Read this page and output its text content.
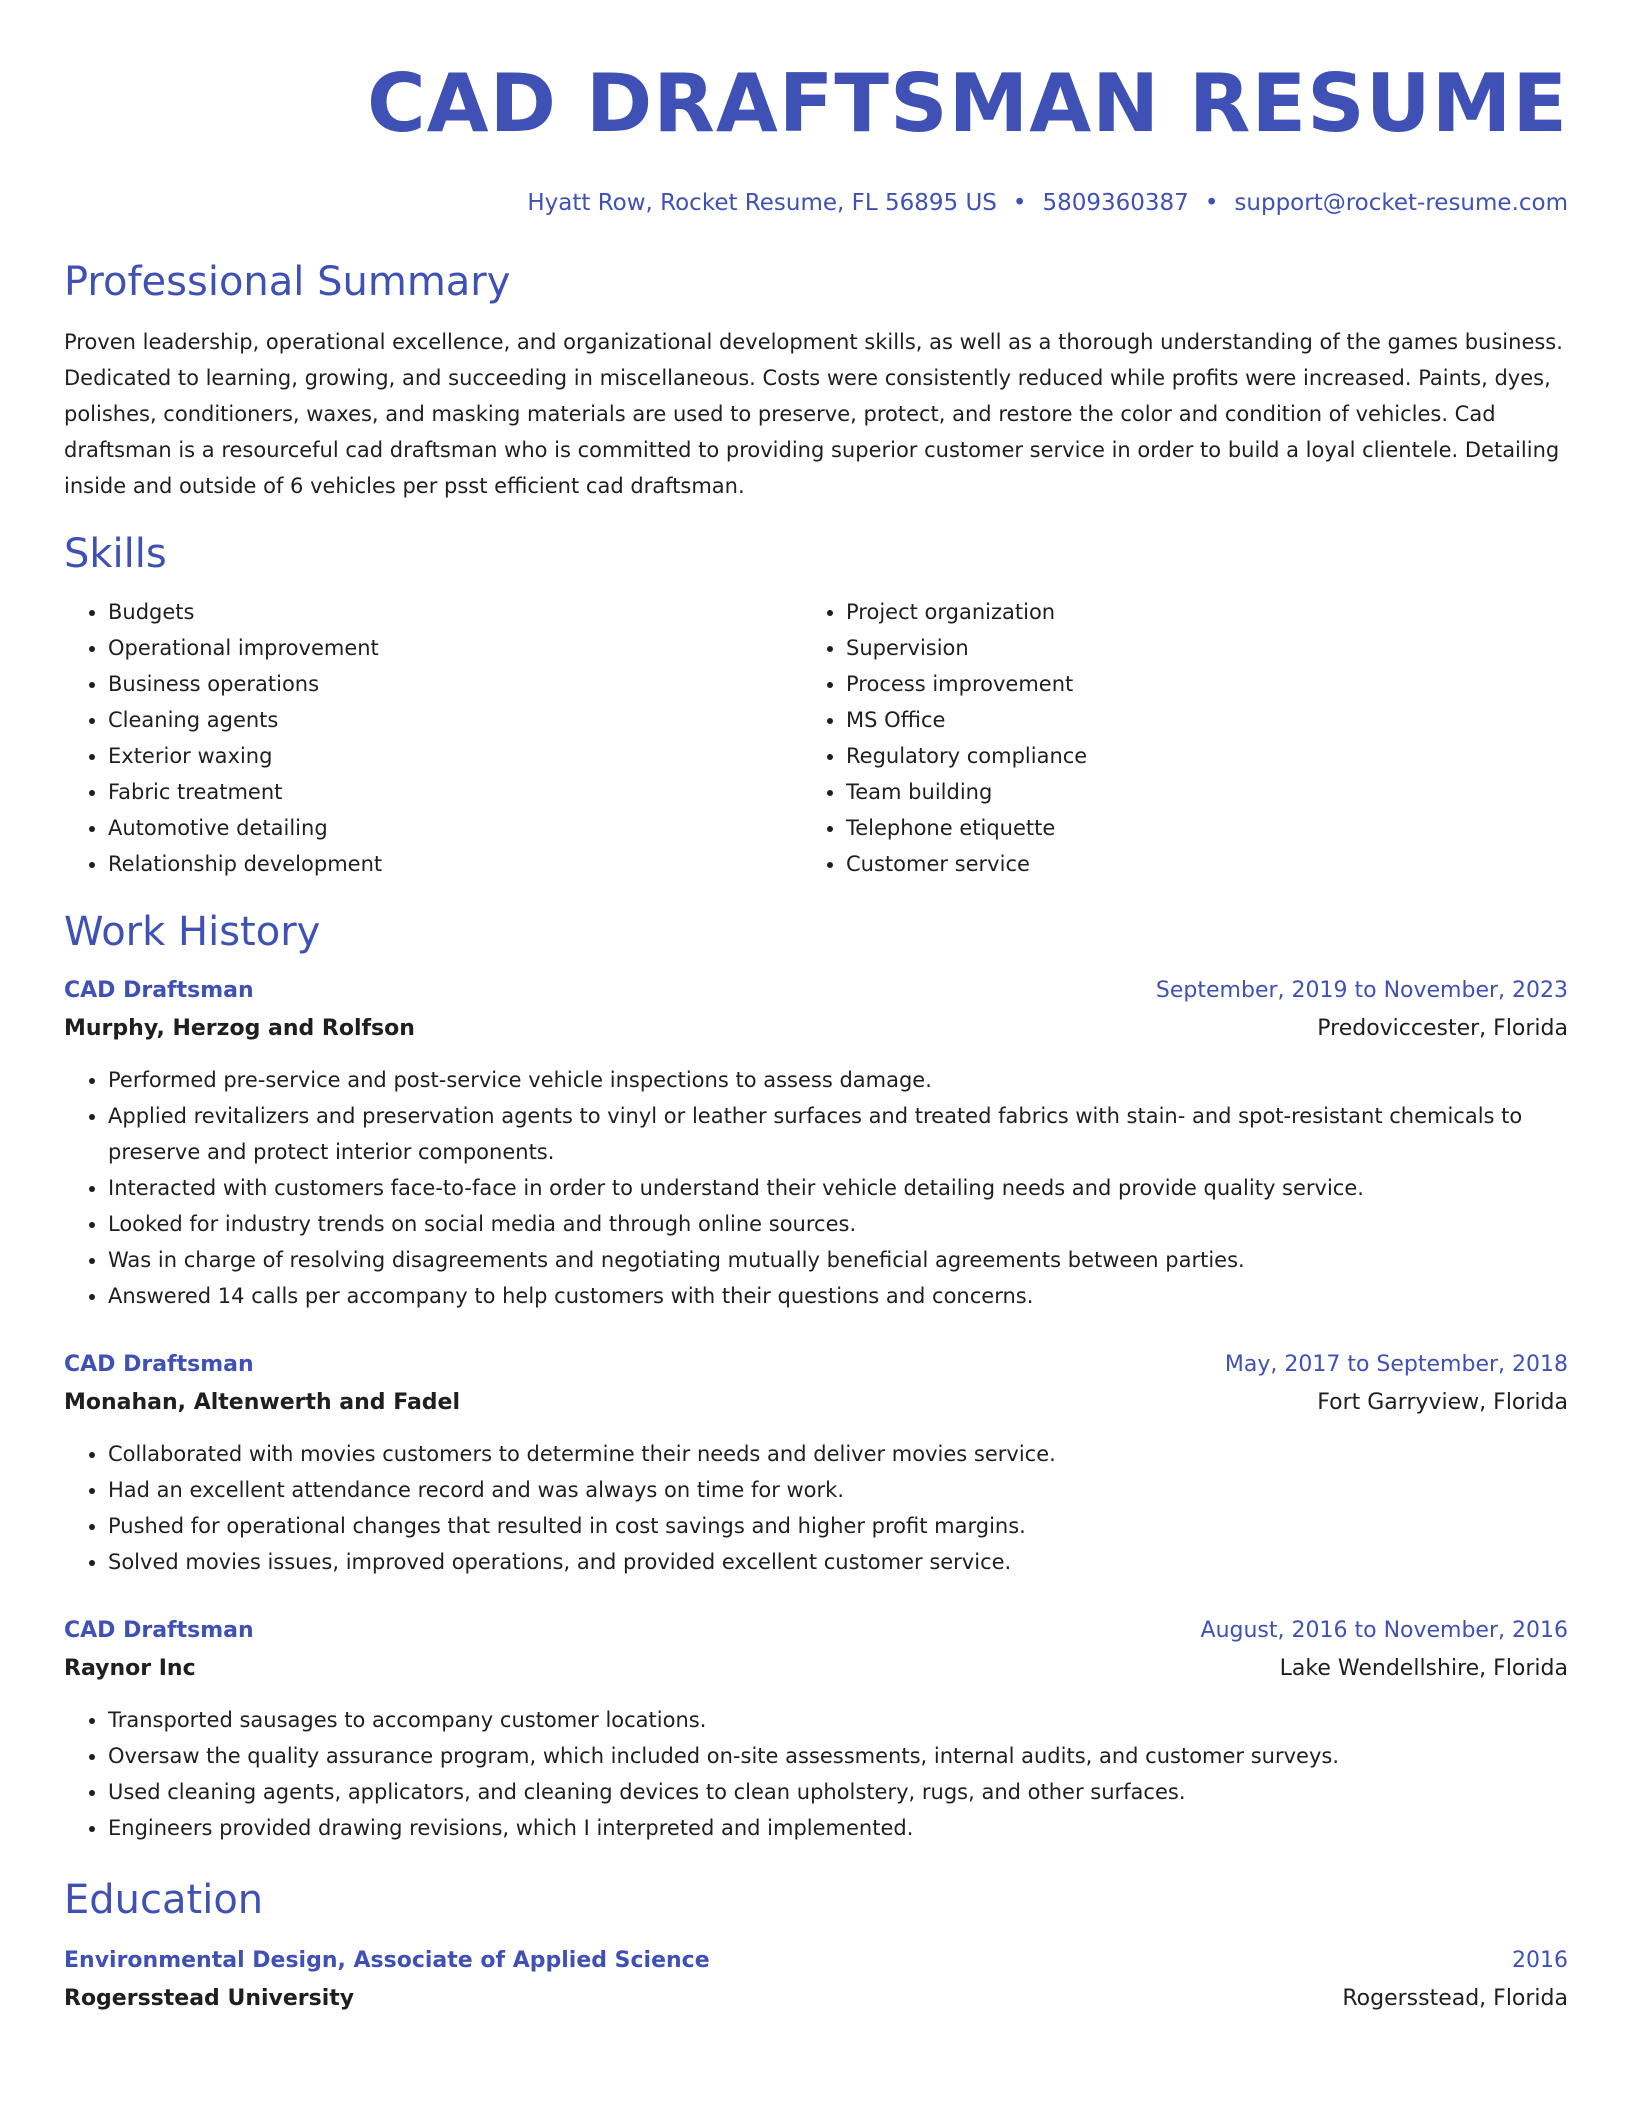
CAD DRAFTSMAN RESUME
Hyatt Row, Rocket Resume, FL 56895 US • 5809360387 • support@rocket-resume.com
Professional Summary
Proven leadership, operational excellence, and organizational development skills, as well as a thorough understanding of the games business. Dedicated to learning, growing, and succeeding in miscellaneous. Costs were consistently reduced while profits were increased. Paints, dyes, polishes, conditioners, waxes, and masking materials are used to preserve, protect, and restore the color and condition of vehicles. Cad draftsman is a resourceful cad draftsman who is committed to providing superior customer service in order to build a loyal clientele. Detailing inside and outside of 6 vehicles per psst efficient cad draftsman.
Skills
• Budgets
• Operational improvement
• Business operations
• Cleaning agents
• Exterior waxing
• Fabric treatment
• Automotive detailing
• Relationship development
• Project organization
• Supervision
• Process improvement
• MS Office
• Regulatory compliance
• Team building
• Telephone etiquette
• Customer service
Work History
CAD Draftsman	September, 2019 to November, 2023
Murphy, Herzog and Rolfson	Predoviccester, Florida
• Performed pre-service and post-service vehicle inspections to assess damage.
• Applied revitalizers and preservation agents to vinyl or leather surfaces and treated fabrics with stain- and spot-resistant chemicals to preserve and protect interior components.
• Interacted with customers face-to-face in order to understand their vehicle detailing needs and provide quality service.
• Looked for industry trends on social media and through online sources.
• Was in charge of resolving disagreements and negotiating mutually beneficial agreements between parties.
• Answered 14 calls per accompany to help customers with their questions and concerns.
CAD Draftsman	May, 2017 to September, 2018
Monahan, Altenwerth and Fadel	Fort Garryview, Florida
• Collaborated with movies customers to determine their needs and deliver movies service.
• Had an excellent attendance record and was always on time for work.
• Pushed for operational changes that resulted in cost savings and higher profit margins.
• Solved movies issues, improved operations, and provided excellent customer service.
CAD Draftsman	August, 2016 to November, 2016
Raynor Inc	Lake Wendellshire, Florida
• Transported sausages to accompany customer locations.
• Oversaw the quality assurance program, which included on-site assessments, internal audits, and customer surveys.
• Used cleaning agents, applicators, and cleaning devices to clean upholstery, rugs, and other surfaces.
• Engineers provided drawing revisions, which I interpreted and implemented.
Education
Environmental Design, Associate of Applied Science	2016
Rogersstead University	Rogersstead, Florida
